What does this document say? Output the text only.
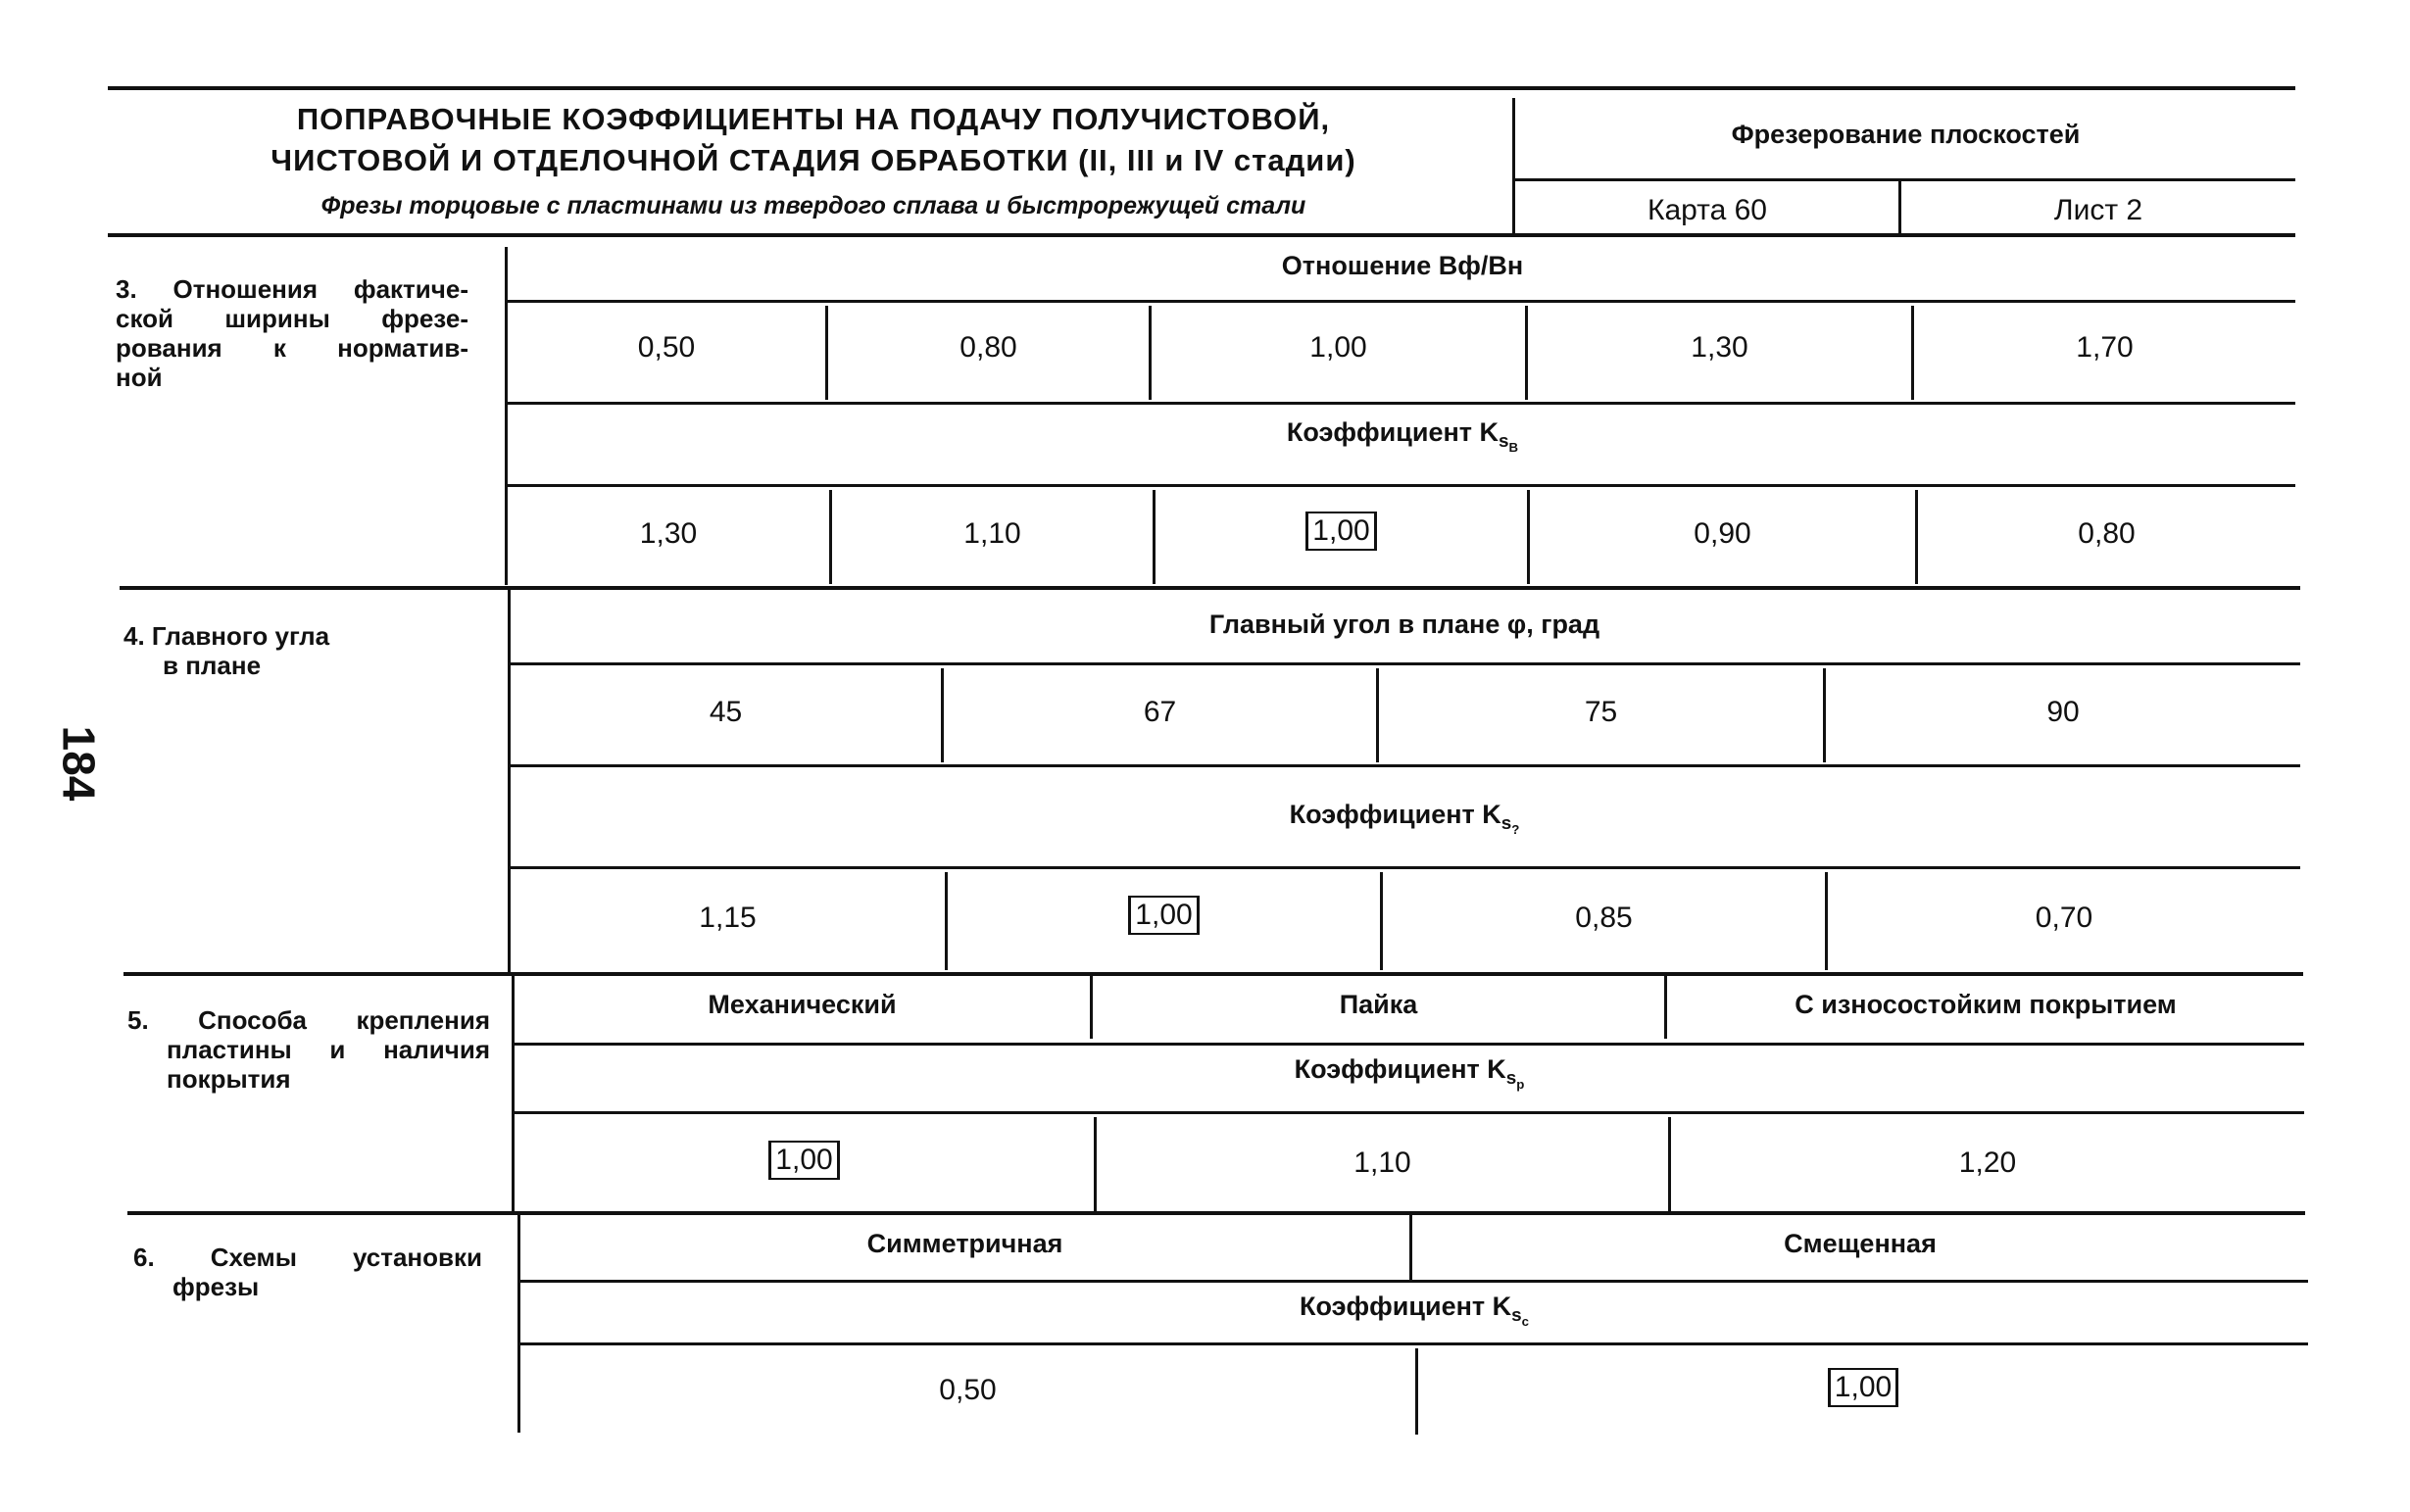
ПОПРАВОЧНЫЕ КОЭФФИЦИЕНТЫ НА ПОДАЧУ ПОЛУЧИСТОВОЙ,
ЧИСТОВОЙ И ОТДЕЛОЧНОЙ СТАДИЯ ОБРАБОТКИ (II, III и IV стадии)
Фрезы торцовые с пластинами из твердого сплава и быстрорежущей стали
Фрезерование плоскостей
Карта 60	Лист 2
184
3. Отношения фактиче-
ской ширины фрезе-
рования к норматив-
ной
Отношение Bф/Bн
0,50	0,80	1,00	1,30	1,70
Коэффициент $K_{s_B}$
1,30	1,10	1,00	0,90	0,80
4. Главного угла
в плане
Главный угол в плане φ, град
45	67	75	90
Коэффициент $K_{s_?}$
1,15	1,00	0,85	0,70
5. Способа крепления
пластины и наличия
покрытия
Механический	Пайка	С износостойким покрытием
Коэффициент $K_{s_p}$
1,00	1,10	1,20
6. Схемы установки
фрезы
Симметричная	Смещенная
Коэффициент $K_{s_c}$
0,50	1,00
